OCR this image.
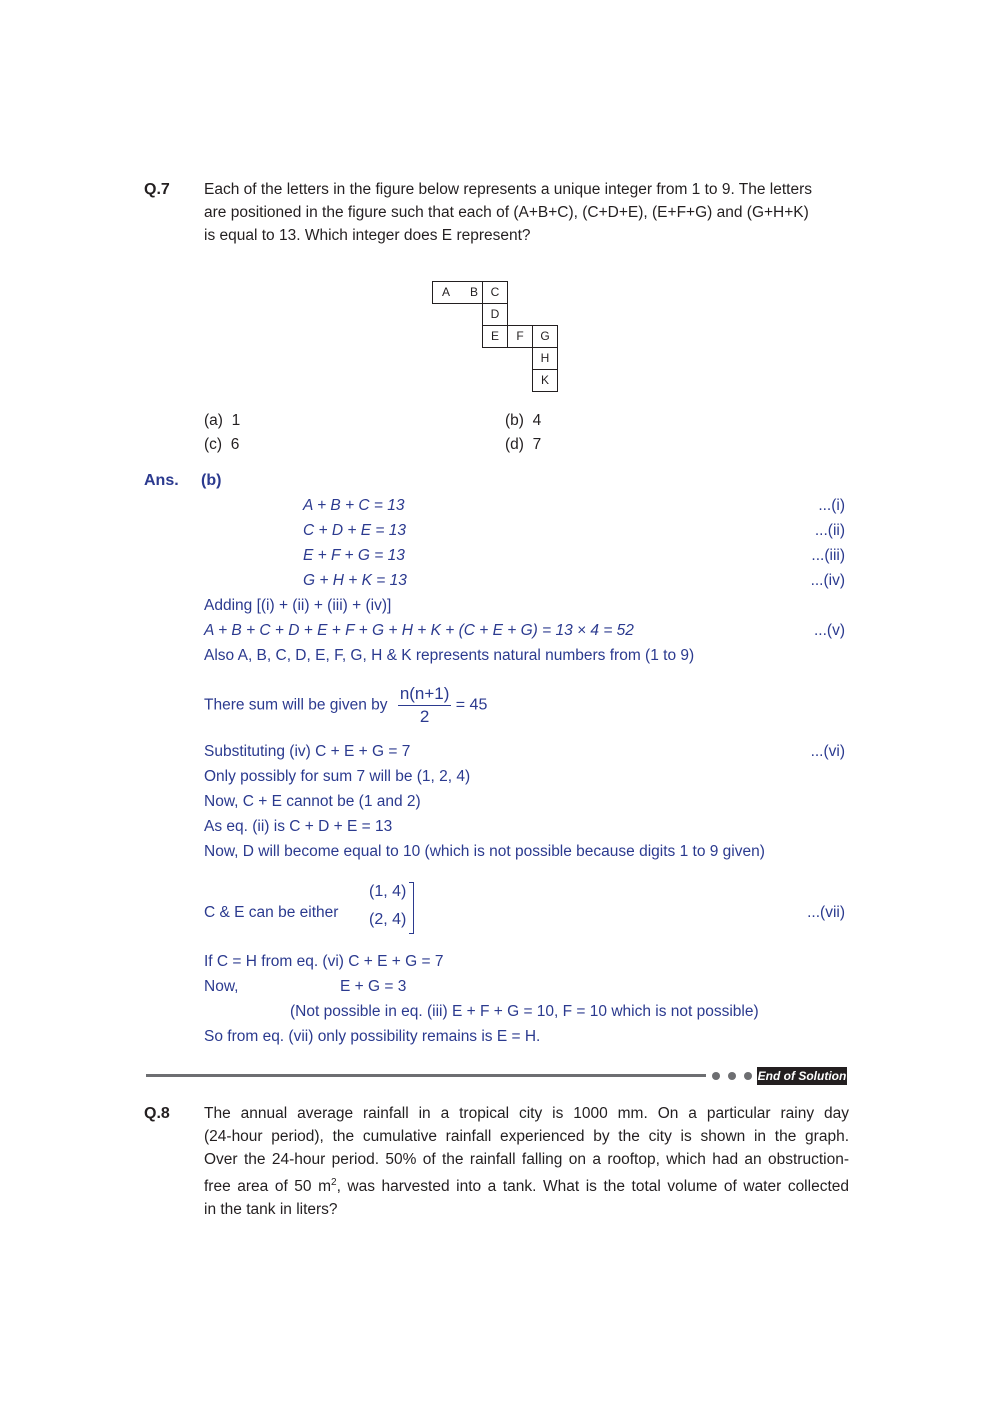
Q.7 Each of the letters in the figure below represents a unique integer from 1 to 9. The letters

are positioned in the figure such that each of (A+B+C), (C+D+E), (E+F+G) and (G+H+K)

is equal to 13. Which integer does E represent?

A B	C
D
E	F	G
H
K
(a) 1	(b) 4
(c) 6	(d) 7
Ans. (b)
A + B + C = 13	...(i)
C + D + E = 13	...(ii)
E + F + G = 13	...(iii)
G + H + K = 13	...(iv)
Adding [(i) + (ii) + (iii) + (iv)]
A + B + C + D + E + F + G + H + K + (C + E + G) = 13 × 4 = 52	...(v)
Also A, B, C, D, E, F, G, H & K represents natural numbers from (1 to 9)
There sum will be given by $\frac{n(n+1)}{2} = 45$
Substituting (iv) C + E + G = 7	...(vi)
Only possibly for sum 7 will be (1, 2, 4)
Now, C + E cannot be (1 and 2)
As eq. (ii) is C + D + E = 13
Now, D will become equal to 10 (which is not possible because digits 1 to 9 given)
C & E can be either
(1, 4)
(2, 4)	...(vii)
If C = H from eq. (vi) C + E + G = 7
Now,	E + G = 3
(Not possible in eq. (iii) E + F + G = 10, F = 10 which is not possible)
So from eq. (vii) only possibility remains is E = H.
End of Solution
Q.8 The annual average rainfall in a tropical city is 1000 mm. On a particular rainy day

(24-hour period), the cumulative rainfall experienced by the city is shown in the graph.

Over the 24-hour period. 50% of the rainfall falling on a rooftop, which had an obstruction-

free area of 50 $m^2$, was harvested into a tank. What is the total volume of water collected

in the tank in liters?
